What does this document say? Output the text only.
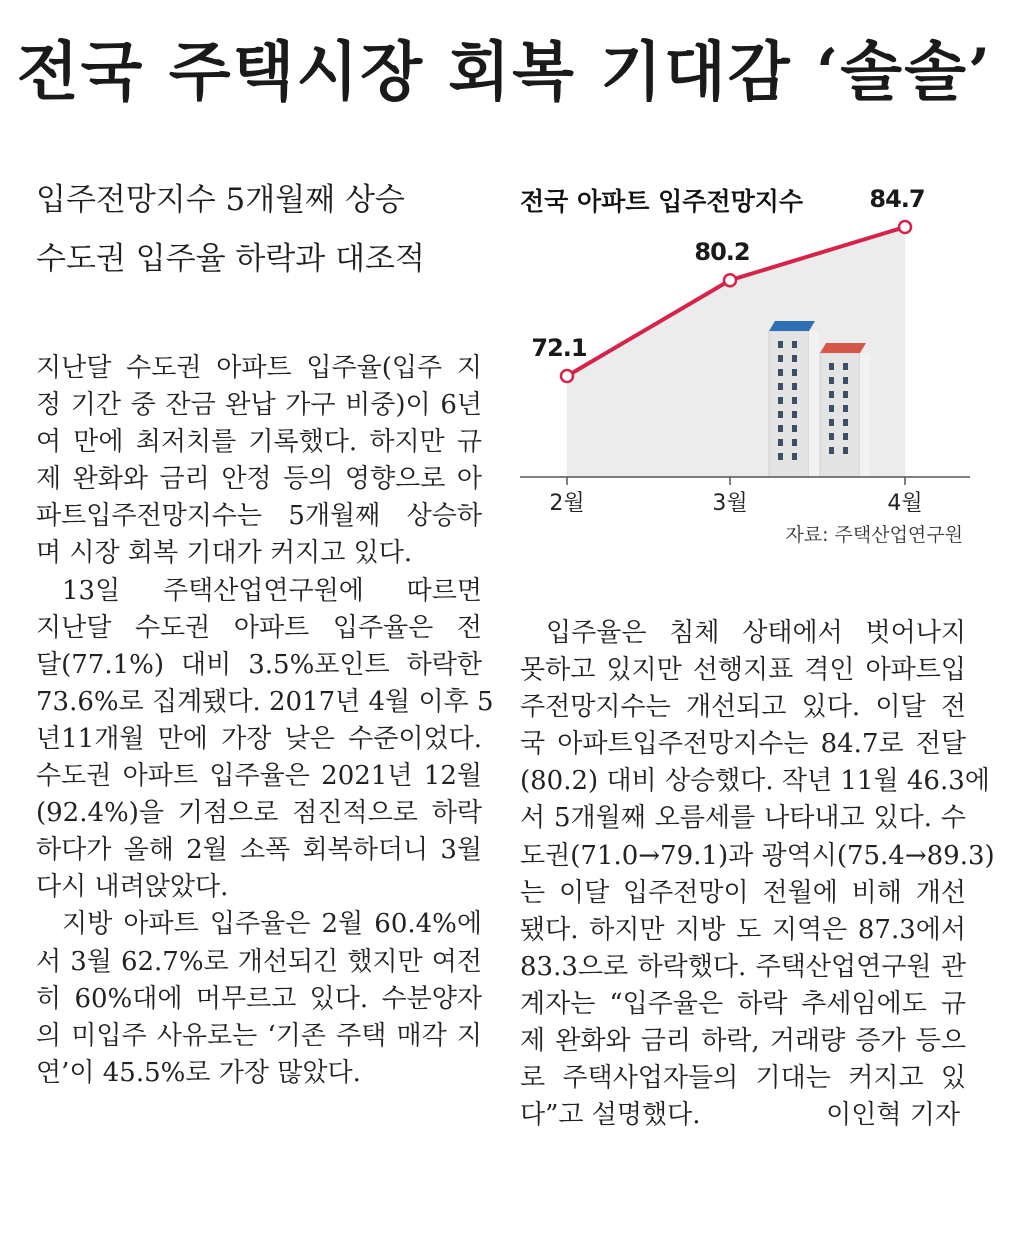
전국 주택시장 회복 기대감 ‘솔솔’
입주전망지수 5개월째 상승
수도권 입주율 하락과 대조적
지난달 수도권 아파트 입주율(입주 지
정 기간 중 잔금 완납 가구 비중)이 6년
여 만에 최저치를 기록했다. 하지만 규
제 완화와 금리 안정 등의 영향으로 아
파트입주전망지수는 5개월째 상승하
며 시장 회복 기대가 커지고 있다.
13일 주택산업연구원에 따르면
지난달 수도권 아파트 입주율은 전
달(77.1%) 대비 3.5%포인트 하락한
73.6%로 집계됐다. 2017년 4월 이후 5
년11개월 만에 가장 낮은 수준이었다.
수도권 아파트 입주율은 2021년 12월
(92.4%)을 기점으로 점진적으로 하락
하다가 올해 2월 소폭 회복하더니 3월
다시 내려앉았다.
지방 아파트 입주율은 2월 60.4%에
서 3월 62.7%로 개선되긴 했지만 여전
히 60%대에 머무르고 있다. 수분양자
의 미입주 사유로는 ‘기존 주택 매각 지
연’이 45.5%로 가장 많았다.
전국 아파트 입주전망지수
2월	3월	4월
72.1
80.2
84.7
자료: 주택산업연구원
입주율은 침체 상태에서 벗어나지
못하고 있지만 선행지표 격인 아파트입
주전망지수는 개선되고 있다. 이달 전
국 아파트입주전망지수는 84.7로 전달
(80.2) 대비 상승했다. 작년 11월 46.3에
서 5개월째 오름세를 나타내고 있다. 수
도권(71.0→79.1)과 광역시(75.4→89.3)
는 이달 입주전망이 전월에 비해 개선
됐다. 하지만 지방 도 지역은 87.3에서
83.3으로 하락했다. 주택산업연구원 관
계자는 “입주율은 하락 추세임에도 규
제 완화와 금리 하락, 거래량 증가 등으
로 주택사업자들의 기대는 커지고 있
다”고 설명했다.	이인혁 기자
